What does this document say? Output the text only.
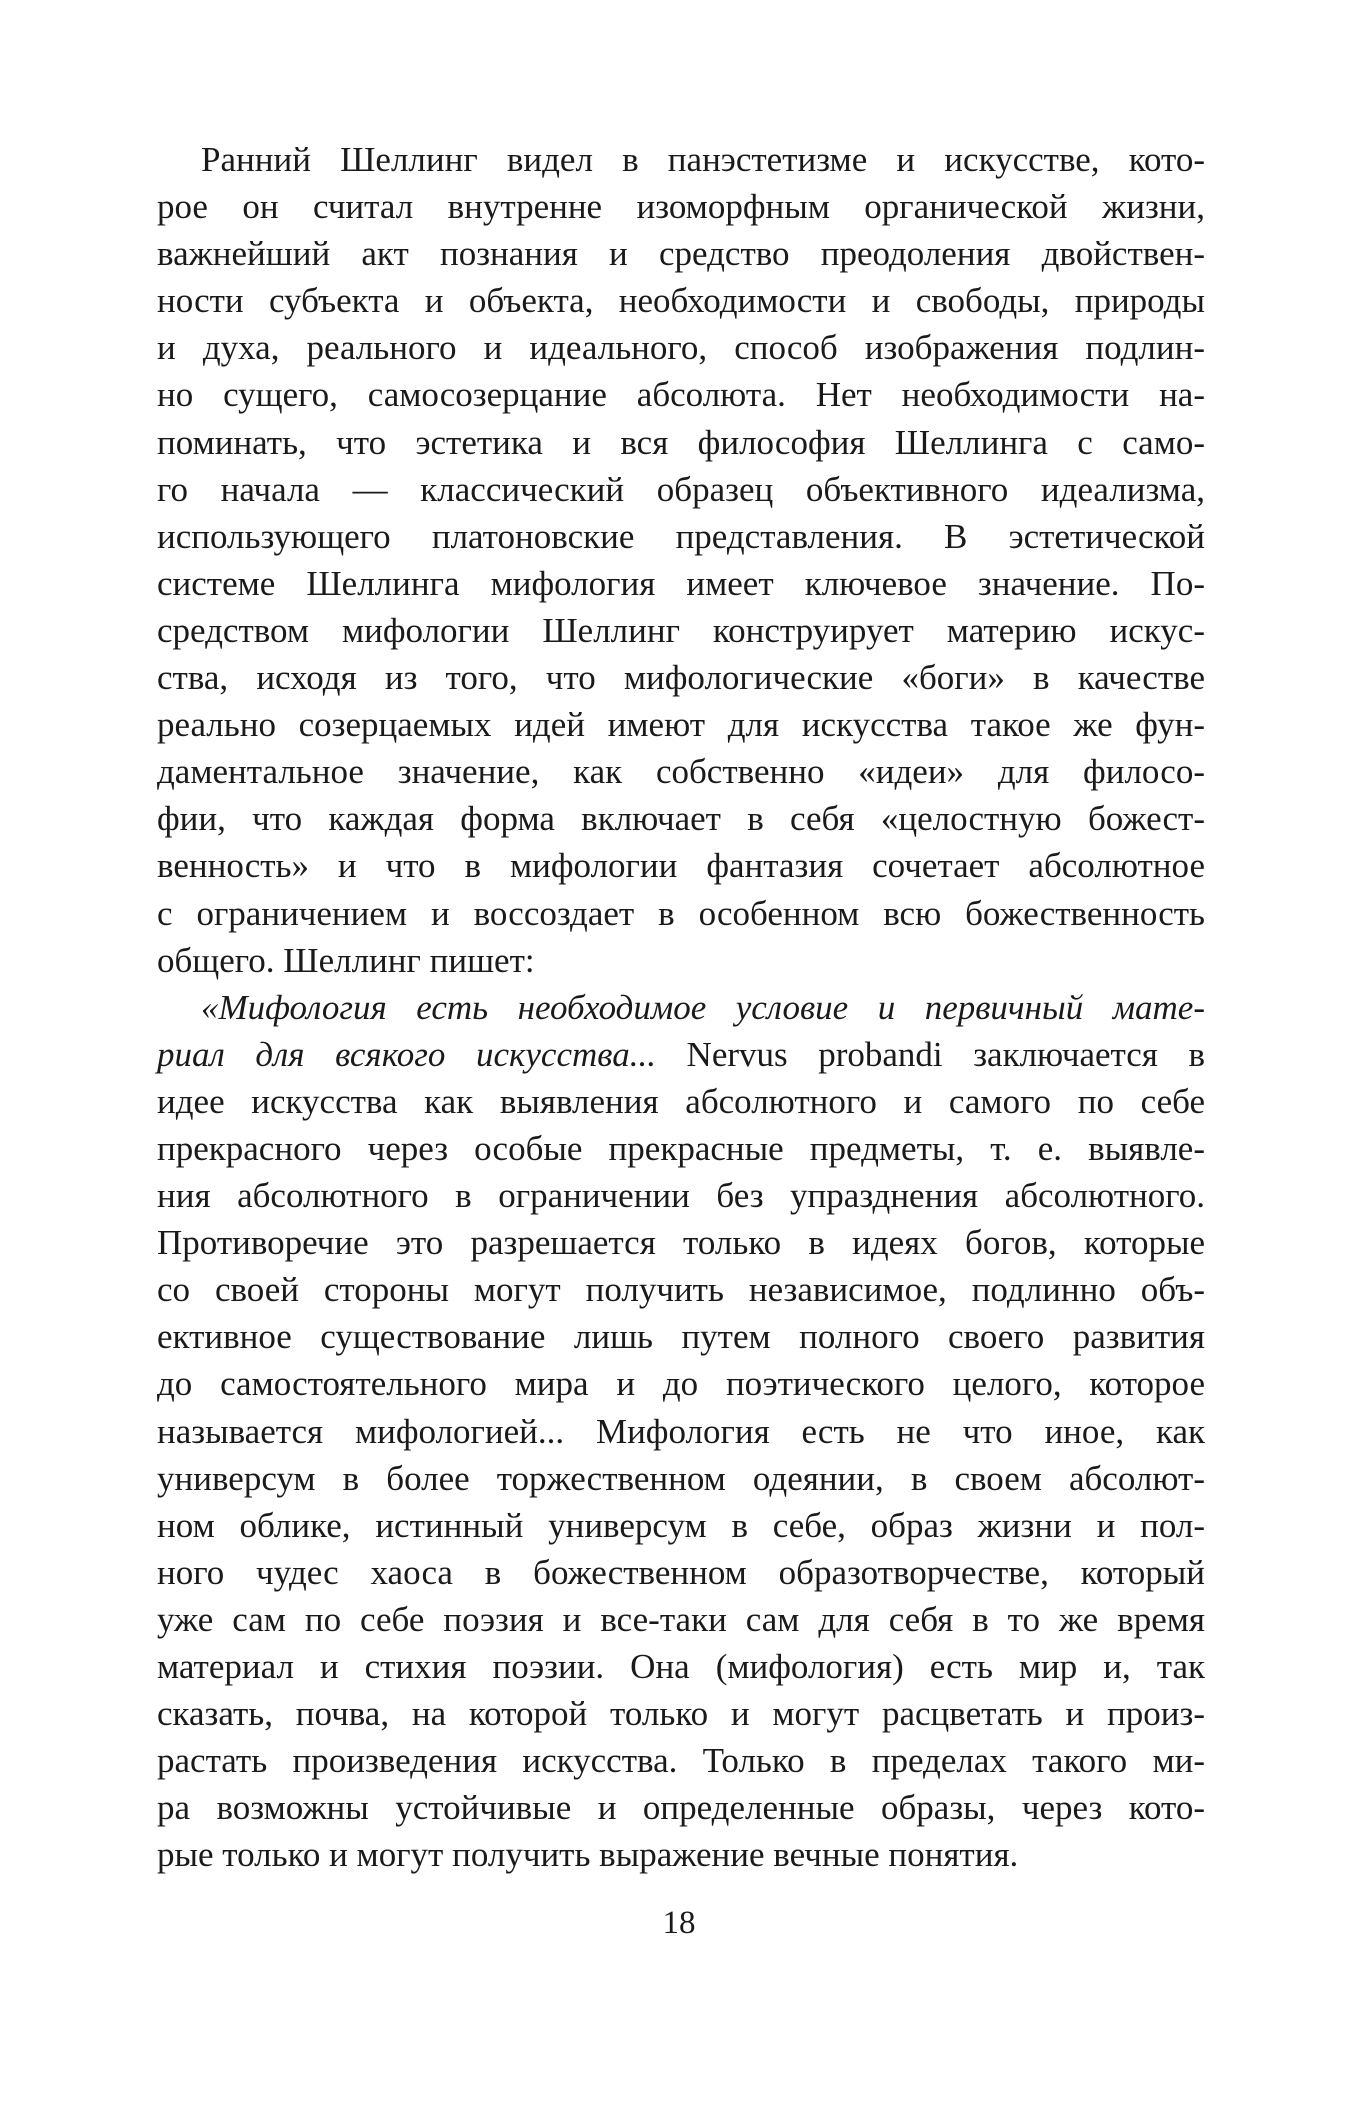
Ранний Шеллинг видел в панэстетизме и искусстве, кото-
рое он считал внутренне изоморфным органической жизни,
важнейший акт познания и средство преодоления двойствен-
ности субъекта и объекта, необходимости и свободы, природы
и духа, реального и идеального, способ изображения подлин-
но сущего, самосозерцание абсолюта. Нет необходимости на-
поминать, что эстетика и вся философия Шеллинга с само-
го начала — классический образец объективного идеализма,
использующего платоновские представления. В эстетической
системе Шеллинга мифология имеет ключевое значение. По-
средством мифологии Шеллинг конструирует материю искус-
ства, исходя из того, что мифологические «боги» в качестве
реально созерцаемых идей имеют для искусства такое же фун-
даментальное значение, как собственно «идеи» для филосо-
фии, что каждая форма включает в себя «целостную божест-
венность» и что в мифологии фантазия сочетает абсолютное
с ограничением и воссоздает в особенном всю божественность
общего. Шеллинг пишет:
«Мифология есть необходимое условие и первичный мате-
риал для всякого искусства... Nervus probandi заключается в
идее искусства как выявления абсолютного и самого по себе
прекрасного через особые прекрасные предметы, т. е. выявле-
ния абсолютного в ограничении без упразднения абсолютного.
Противоречие это разрешается только в идеях богов, которые
со своей стороны могут получить независимое, подлинно объ-
ективное существование лишь путем полного своего развития
до самостоятельного мира и до поэтического целого, которое
называется мифологией... Мифология есть не что иное, как
универсум в более торжественном одеянии, в своем абсолют-
ном облике, истинный универсум в себе, образ жизни и пол-
ного чудес хаоса в божественном образотворчестве, который
уже сам по себе поэзия и все-таки сам для себя в то же время
материал и стихия поэзии. Она (мифология) есть мир и, так
сказать, почва, на которой только и могут расцветать и произ-
растать произведения искусства. Только в пределах такого ми-
ра возможны устойчивые и определенные образы, через кото-
рые только и могут получить выражение вечные понятия.
18
